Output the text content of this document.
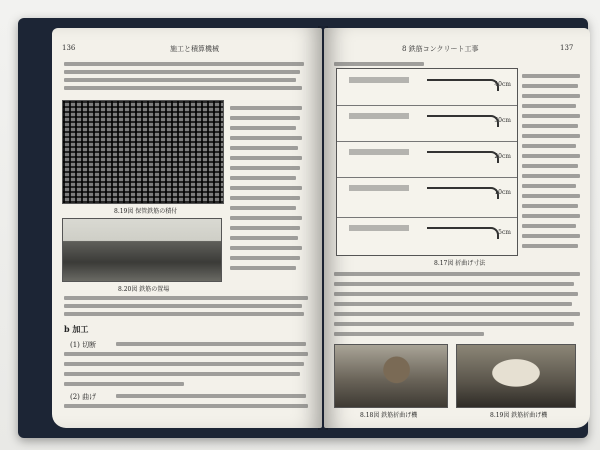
136	施工と積算機械
8.19図 保管鉄筋の積付
8.20図 鉄筋の置場
b 加工
(1) 切断
(2) 曲げ
8 鉄筋コンクリート工事	137
40cm
30cm
20cm
10cm
5cm
8.17図 折曲げ寸法
8.18図 鉄筋折曲げ機	8.19図 鉄筋折曲げ機
